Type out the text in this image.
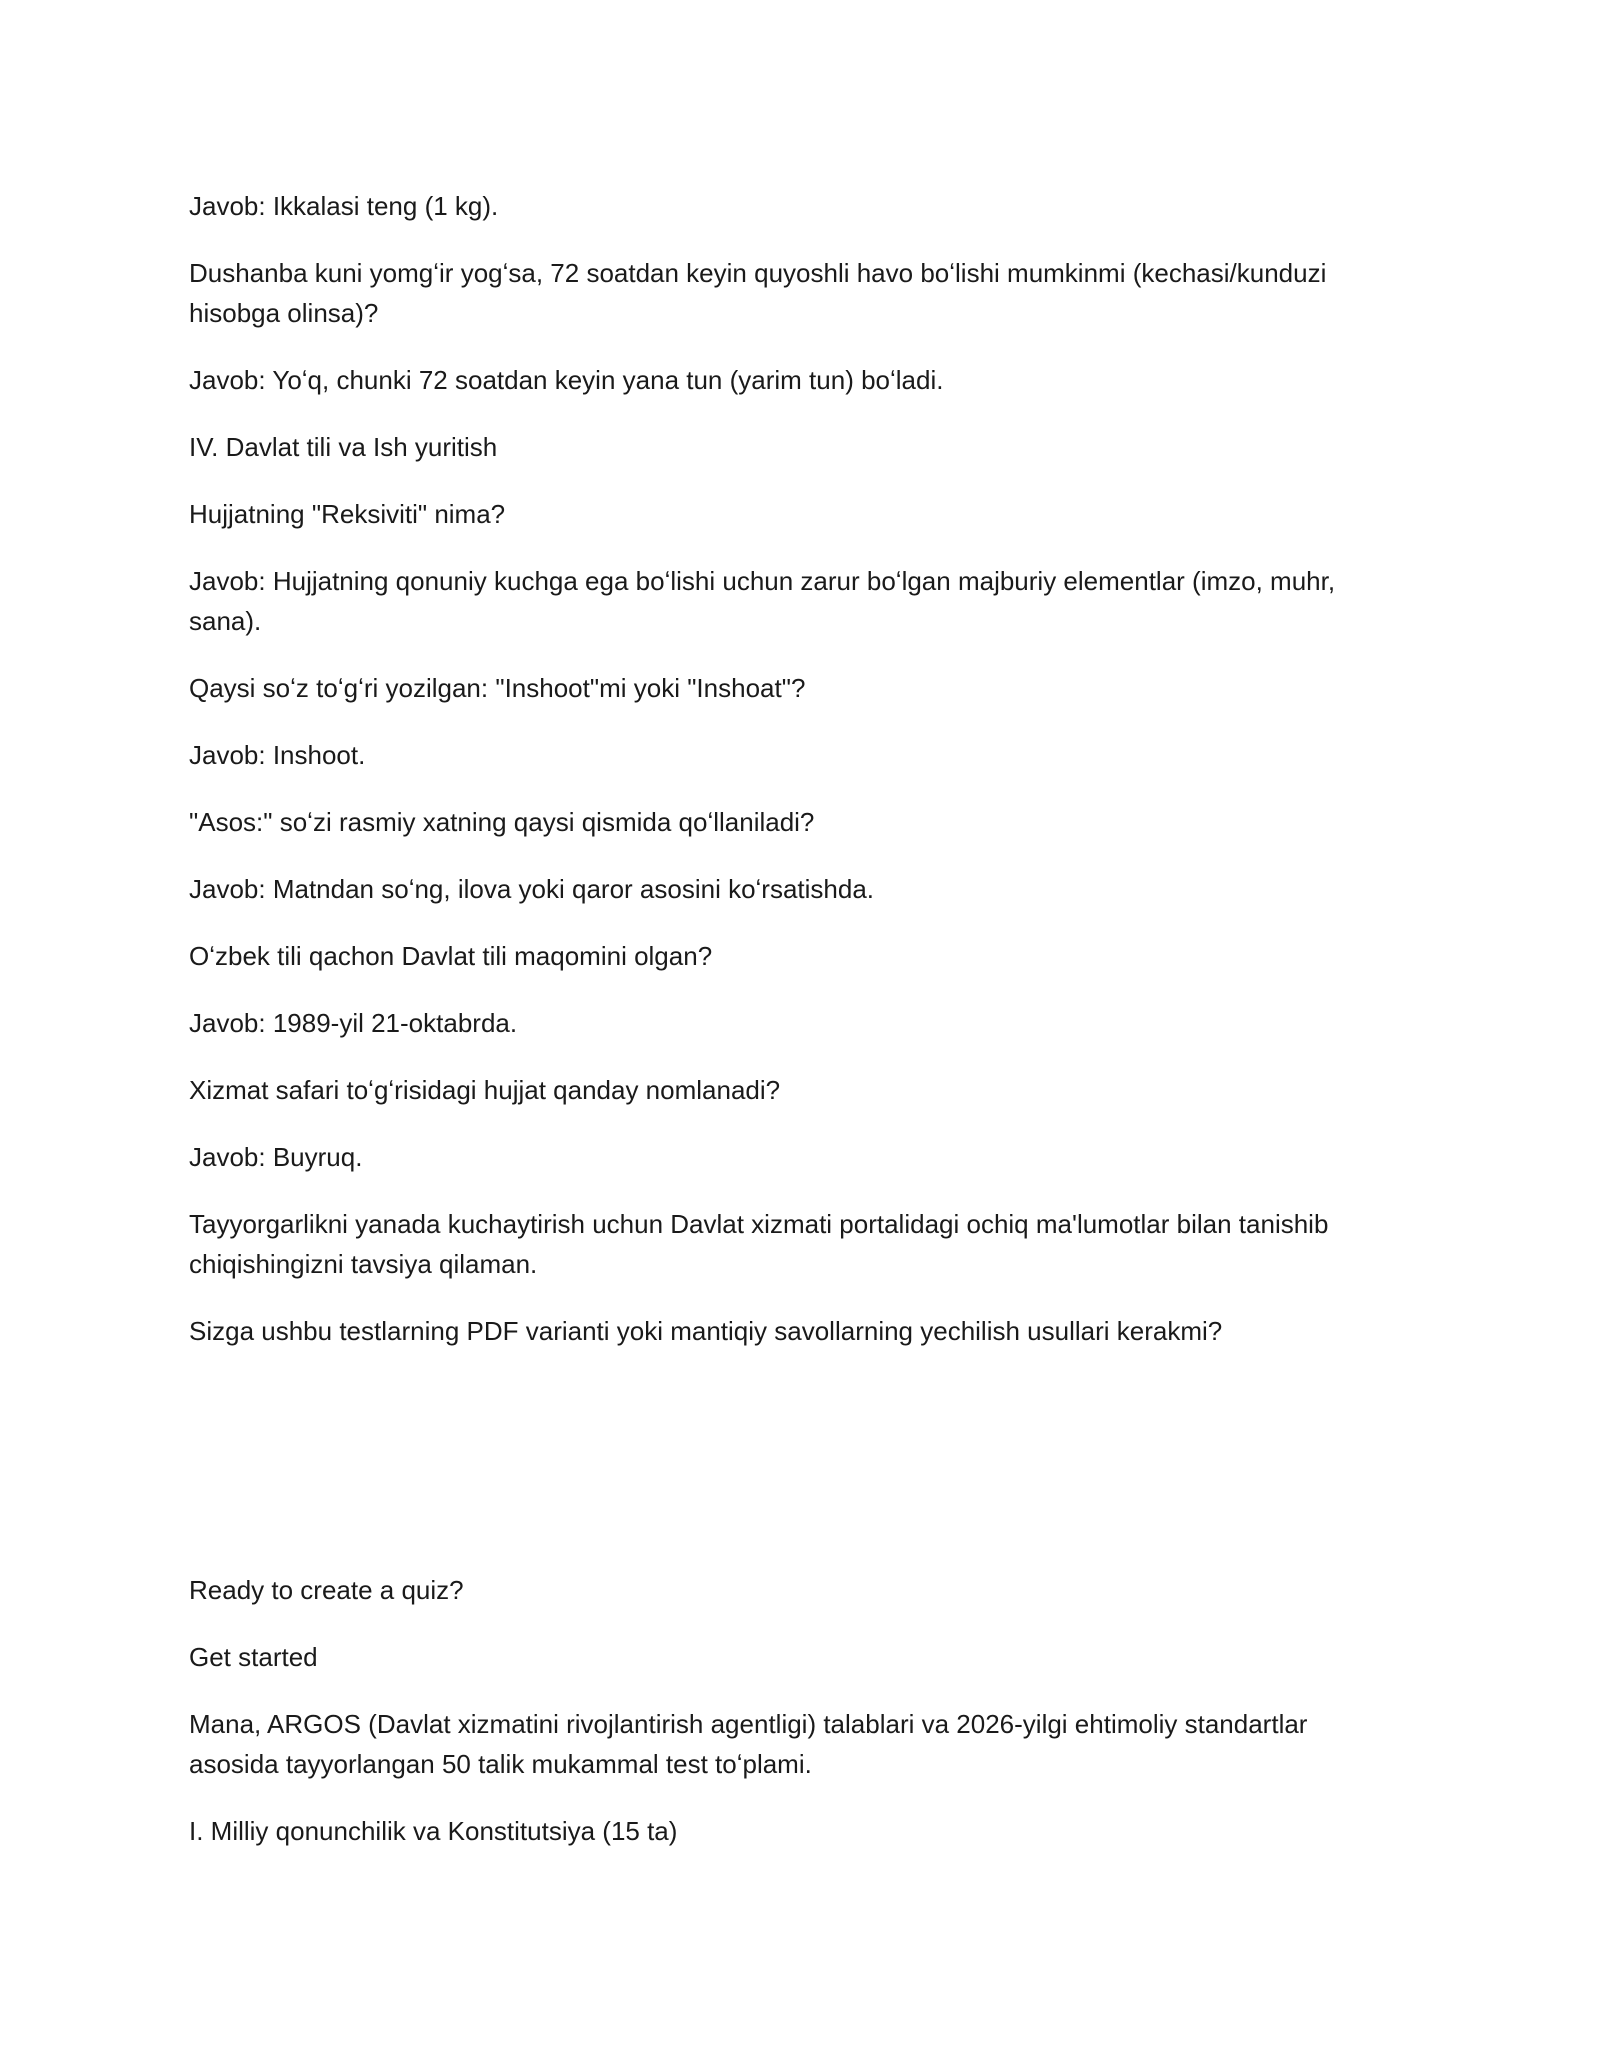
Javob: Ikkalasi teng (1 kg).

Dushanba kuni yomgʻir yogʻsa, 72 soatdan keyin quyoshli havo boʻlishi mumkinmi (kechasi/kunduzi hisobga olinsa)?

Javob: Yoʻq, chunki 72 soatdan keyin yana tun (yarim tun) boʻladi.

IV. Davlat tili va Ish yuritish

Hujjatning "Reksiviti" nima?

Javob: Hujjatning qonuniy kuchga ega boʻlishi uchun zarur boʻlgan majburiy elementlar (imzo, muhr, sana).

Qaysi soʻz toʻgʻri yozilgan: "Inshoot"mi yoki "Inshoat"?

Javob: Inshoot.

"Asos:" soʻzi rasmiy xatning qaysi qismida qoʻllaniladi?

Javob: Matndan soʻng, ilova yoki qaror asosini koʻrsatishda.

Oʻzbek tili qachon Davlat tili maqomini olgan?

Javob: 1989-yil 21-oktabrda.

Xizmat safari toʻgʻrisidagi hujjat qanday nomlanadi?

Javob: Buyruq.

Tayyorgarlikni yanada kuchaytirish uchun Davlat xizmati portalidagi ochiq ma'lumotlar bilan tanishib chiqishingizni tavsiya qilaman.

Sizga ushbu testlarning PDF varianti yoki mantiqiy savollarning yechilish usullari kerakmi?

Ready to create a quiz?

Get started

Mana, ARGOS (Davlat xizmatini rivojlantirish agentligi) talablari va 2026-yilgi ehtimoliy standartlar asosida tayyorlangan 50 talik mukammal test toʻplami.

I. Milliy qonunchilik va Konstitutsiya (15 ta)
